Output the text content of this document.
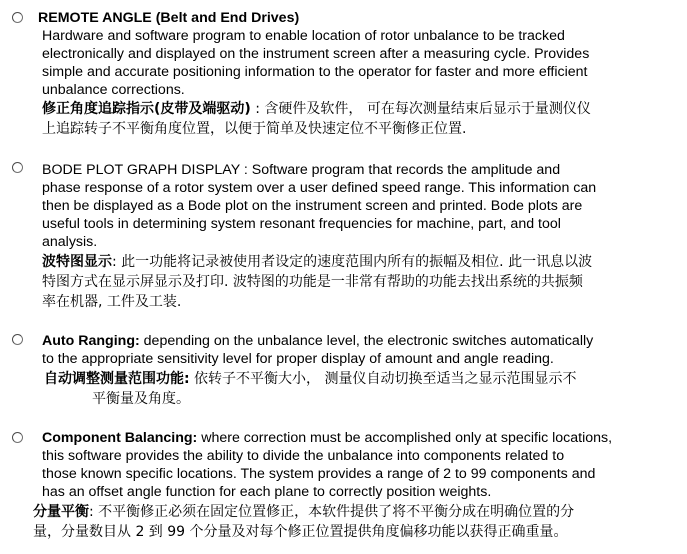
REMOTE ANGLE (Belt and End Drives)
Hardware and software program to enable location of rotor unbalance to be tracked
electronically and displayed on the instrument screen after a measuring cycle. Provides
simple and accurate positioning information to the operator for faster and more efficient
unbalance corrections.

修正角度追踪指示(皮带及端驱动) : 含硬件及软件， 可在每次测量结束后显示于量测仪仪
上追踪转子不平衡角度位置，以便于简单及快速定位不平衡修正位置.

BODE PLOT GRAPH DISPLAY : Software program that records the amplitude and
phase response of a rotor system over a user defined speed range. This information can
then be displayed as a Bode plot on the instrument screen and printed. Bode plots are
useful tools in determining system resonant frequencies for machine, part, and tool
analysis.

波特图显示: 此一功能将记录被使用者设定的速度范围内所有的振幅及相位. 此一讯息以波
特图方式在显示屏显示及打印. 波特图的功能是一非常有帮助的功能去找出系统的共振频
率在机器, 工件及工装.

Auto Ranging: depending on the unbalance level, the electronic switches automatically
to the appropriate sensitivity level for proper display of amount and angle reading.

自动调整测量范围功能: 依转子不平衡大小， 测量仪自动切换至适当之显示范围显示不
平衡量及角度。

Component Balancing: where correction must be accomplished only at specific locations,
this software provides the ability to divide the unbalance into components related to
those known specific locations. The system provides a range of 2 to 99 components and
has an offset angle function for each plane to correctly position weights.

分量平衡: 不平衡修正必须在固定位置修正，本软件提供了将不平衡分成在明确位置的分
量，分量数目从 2 到 99 个分量及对每个修正位置提供角度偏移功能以获得正确重量。
